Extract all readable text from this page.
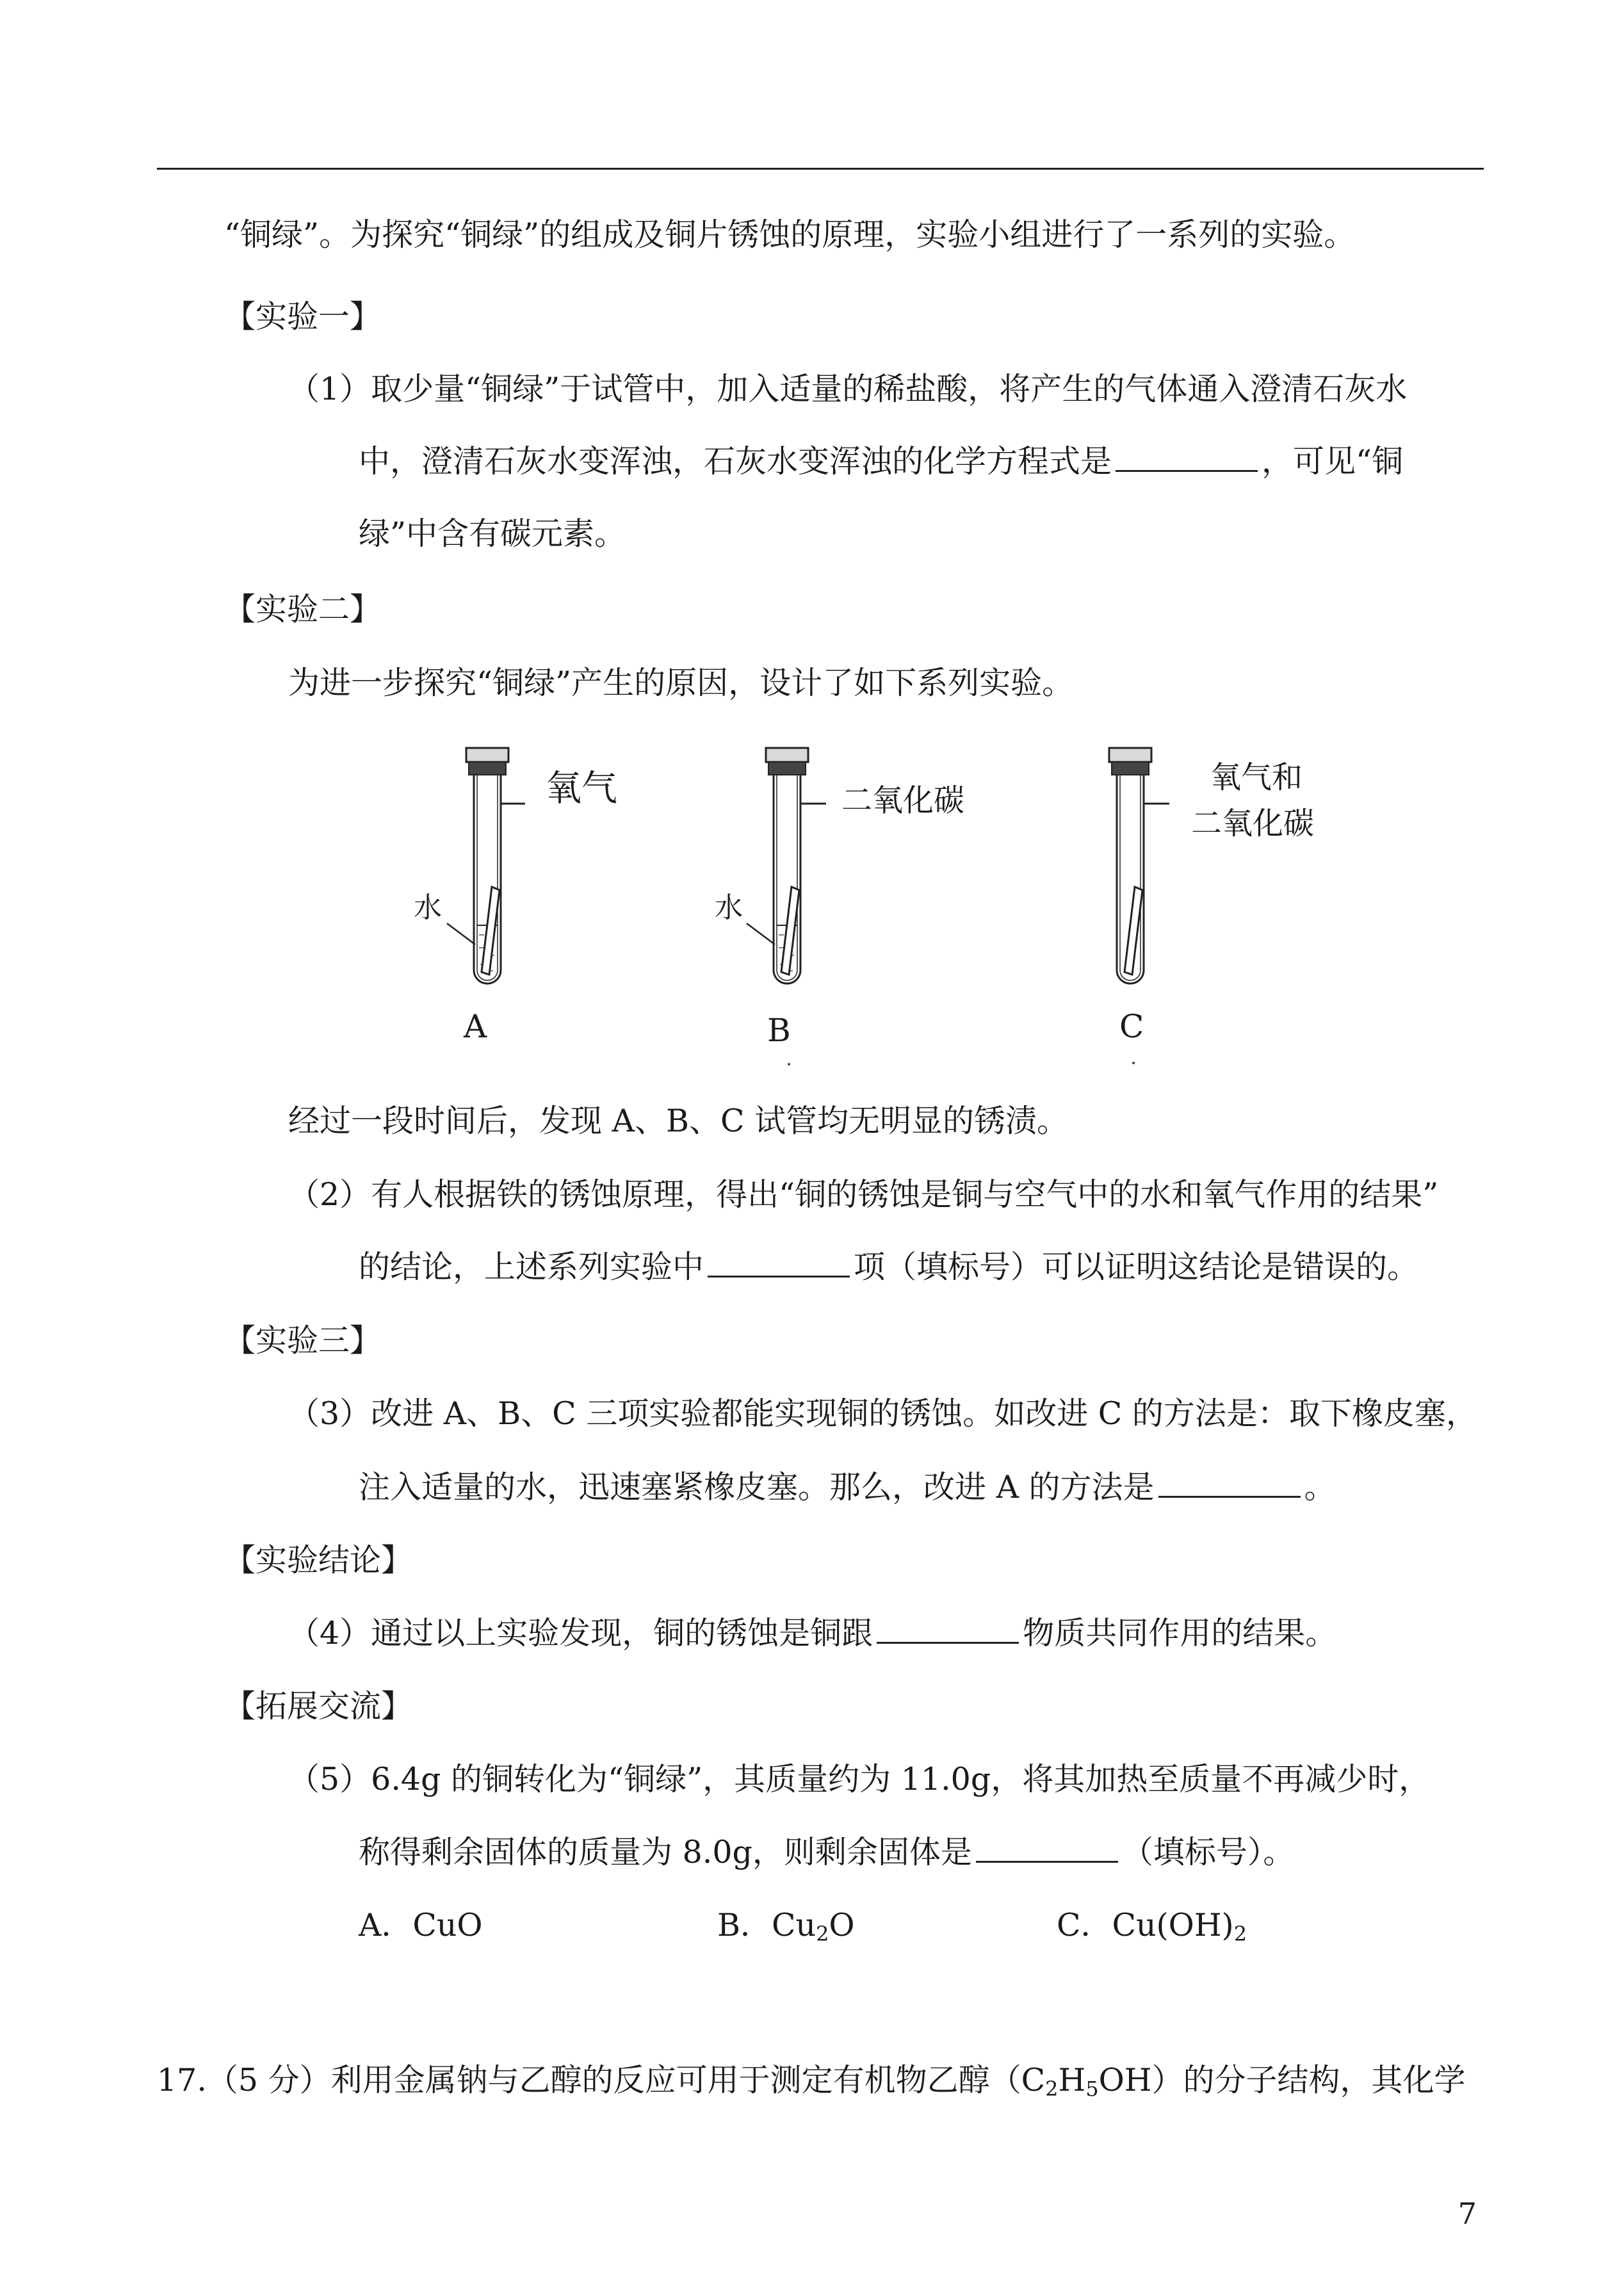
“铜绿”。为探究“铜绿”的组成及铜片锈蚀的原理，实验小组进行了一系列的实验。
【实验一】
（1）取少量“铜绿”于试管中，加入适量的稀盐酸，将产生的气体通入澄清石灰水
中，澄清石灰水变浑浊，石灰水变浑浊的化学方程式是	，可见“铜
绿”中含有碳元素。
【实验二】
为进一步探究“铜绿”产生的原因，设计了如下系列实验。
氧气
水
A
二氧化碳
水
B
氧气和
二氧化碳
C
经过一段时间后，发现 A、B、C 试管均无明显的锈渍。
（2）有人根据铁的锈蚀原理，得出“铜的锈蚀是铜与空气中的水和氧气作用的结果”
的结论，上述系列实验中	项（填标号）可以证明这结论是错误的。
【实验三】
（3）改进 A、B、C 三项实验都能实现铜的锈蚀。如改进 C 的方法是：取下橡皮塞，
注入适量的水，迅速塞紧橡皮塞。那么，改进 A 的方法是	。
【实验结论】
（4）通过以上实验发现，铜的锈蚀是铜跟	物质共同作用的结果。
【拓展交流】
（5）6.4g 的铜转化为“铜绿”，其质量约为 11.0g，将其加热至质量不再减少时，
称得剩余固体的质量为 8.0g，则剩余固体是	（填标号）。
A．CuO	B．$Cu_2O$	C．$Cu(OH)_2$
17.（5 分）利用金属钠与乙醇的反应可用于测定有机物乙醇$(C_2H_5OH)$的分子结构，其化学
7
